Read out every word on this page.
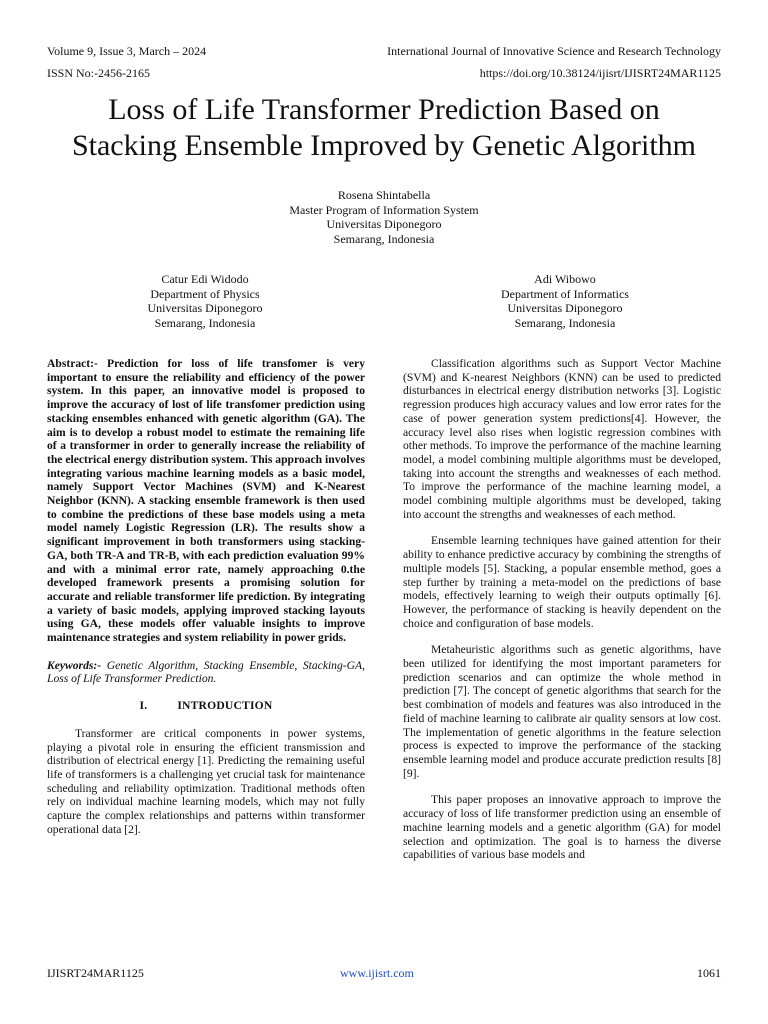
Volume 9, Issue 3, March – 2024	International Journal of Innovative Science and Research Technology
ISSN No:-2456-2165	https://doi.org/10.38124/ijisrt/IJISRT24MAR1125
Loss of Life Transformer Prediction Based on
Stacking Ensemble Improved by Genetic Algorithm
Rosena Shintabella
Master Program of Information System
Universitas Diponegoro
Semarang, Indonesia
Catur Edi Widodo
Department of Physics
Universitas Diponegoro
Semarang, Indonesia
Adi Wibowo
Department of Informatics
Universitas Diponegoro
Semarang, Indonesia

Abstract:- Prediction for loss of life transfomer is very important to ensure the reliability and efficiency of the power system. In this paper, an innovative model is proposed to improve the accuracy of lost of life transfomer prediction using stacking ensembles enhanced with genetic algorithm (GA). The aim is to develop a robust model to estimate the remaining life of a transformer in order to generally increase the reliability of the electrical energy distribution system. This approach involves integrating various machine learning models as a basic model, namely Support Vector Machines (SVM) and K-Nearest Neighbor (KNN). A stacking ensemble framework is then used to combine the predictions of these base models using a meta model namely Logistic Regression (LR). The results show a significant improvement in both transformers using stacking-GA, both TR-A and TR-B, with each prediction evaluation 99% and with a minimal error rate, namely approaching 0.the developed framework presents a promising solution for accurate and reliable transformer life prediction. By integrating a variety of basic models, applying improved stacking layouts using GA, these models offer valuable insights to improve maintenance strategies and system reliability in power grids.

Keywords:- Genetic Algorithm, Stacking Ensemble, Stacking-GA, Loss of Life Transformer Prediction.

I.	INTRODUCTION

Transformer are critical components in power systems, playing a pivotal role in ensuring the efficient transmission and distribution of electrical energy [1]. Predicting the remaining useful life of transformers is a challenging yet crucial task for maintenance scheduling and reliability optimization. Traditional methods often rely on individual machine learning models, which may not fully capture the complex relationships and patterns within transformer operational data [2].

Classification algorithms such as Support Vector Machine (SVM) and K-nearest Neighbors (KNN) can be used to predicted disturbances in electrical energy distribution networks [3]. Logistic regression produces high accuracy values and low error rates for the case of power generation system predictions[4]. However, the accuracy level also rises when logistic regression combines with other methods. To improve the performance of the machine learning model, a model combining multiple algorithms must be developed, taking into account the strengths and weaknesses of each method. To improve the performance of the machine learning model, a model combining multiple algorithms must be developed, taking into account the strengths and weaknesses of each method.

Ensemble learning techniques have gained attention for their ability to enhance predictive accuracy by combining the strengths of multiple models [5]. Stacking, a popular ensemble method, goes a step further by training a meta-model on the predictions of base models, effectively learning to weigh their outputs optimally [6]. However, the performance of stacking is heavily dependent on the choice and configuration of base models.

Metaheuristic algorithms such as genetic algorithms, have been utilized for identifying the most important parameters for prediction scenarios and can optimize the whole method in prediction [7]. The concept of genetic algorithms that search for the best combination of models and features was also introduced in the field of machine learning to calibrate air quality sensors at low cost. The implementation of genetic algorithms in the feature selection process is expected to improve the performance of the stacking ensemble learning model and produce accurate prediction results [8][9].

This paper proposes an innovative approach to improve the accuracy of loss of life transformer prediction using an ensemble of machine learning models and a genetic algorithm (GA) for model selection and optimization. The goal is to harness the diverse capabilities of various base models and

IJISRT24MAR1125	www.ijisrt.com	1061
